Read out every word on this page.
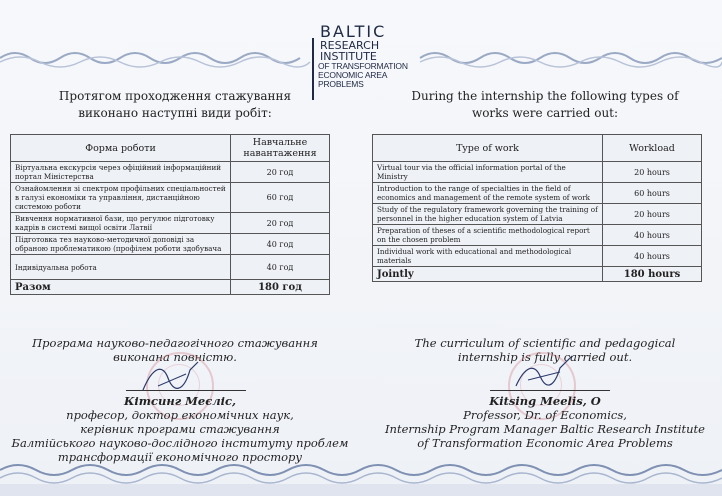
BALTIC
RESEARCH
INSTITUTE
OF TRANSFORMATION
ECONOMIC AREA
PROBLEMS
Протягом проходження стажування виконано наступні види робіт:
During the internship the following types of works were carried out:
Форма роботи	Навчальне навантаження
Віртуальна екскурсія через офіційний інформаційний портал Міністерства	20 год
Ознайомлення зі спектром профільних спеціальностей в галузі економіки та управління, дистанційною системою роботи	60 год
Вивчення нормативної бази, що регулює підготовку кадрів в системі вищої освіти Латвії	20 год
Підготовка тез науково-методичної доповіді за обраною проблематикою (профілем роботи здобувача	40 год
Індивідуальна робота	40 год
Разом	180 год
Type of work	Workload
Virtual tour via the official information portal of the Ministry	20 hours
Introduction to the range of specialties in the field of economics and management of the remote system of work	60 hours
Study of the regulatory framework governing the training of personnel in the higher education system of Latvia	20 hours
Preparation of theses of a scientific methodological report on the chosen problem	40 hours
Individual work with educational and methodological materials	40 hours
Jointly	180 hours
Програма науково-педагогічного стажування виконана повністю.
The curriculum of scientific and pedagogical internship is fully carried out.
Кітсинг Меєліс,
професор, доктор економічних наук,
керівник програми стажування
Балтійського науково-дослідного інституту проблем
трансформації економічного простору
Kitsing Meelis, O
Professor, Dr. of Economics,
Internship Program Manager Baltic Research Institute
of Transformation Economic Area Problems
